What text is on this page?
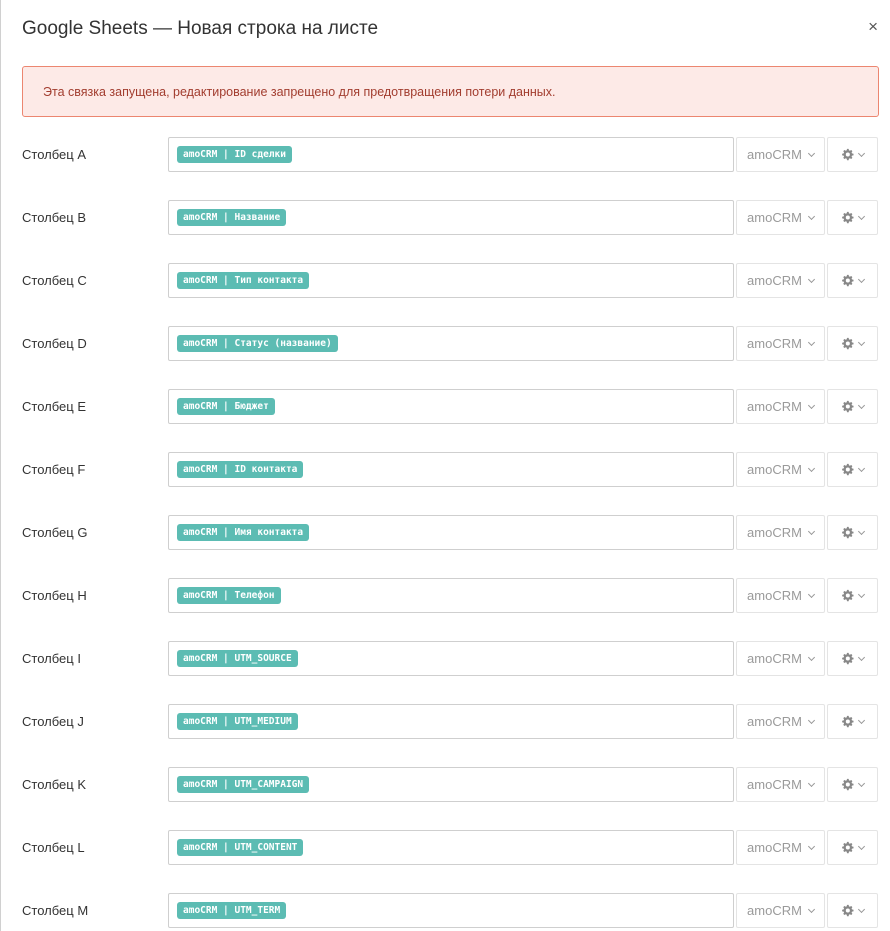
Google Sheets — Новая строка на листе	×
Эта связка запущена, редактирование запрещено для предотвращения потери данных.
Столбец A	amoCRM | ID сделки	amoCRM
Столбец B	amoCRM | Название	amoCRM
Столбец C	amoCRM | Тип контакта	amoCRM
Столбец D	amoCRM | Статус (название)	amoCRM
Столбец E	amoCRM | Бюджет	amoCRM
Столбец F	amoCRM | ID контакта	amoCRM
Столбец G	amoCRM | Имя контакта	amoCRM
Столбец H	amoCRM | Телефон	amoCRM
Столбец I	amoCRM | UTM_SOURCE	amoCRM
Столбец J	amoCRM | UTM_MEDIUM	amoCRM
Столбец K	amoCRM | UTM_CAMPAIGN	amoCRM
Столбец L	amoCRM | UTM_CONTENT	amoCRM
Столбец M	amoCRM | UTM_TERM	amoCRM
